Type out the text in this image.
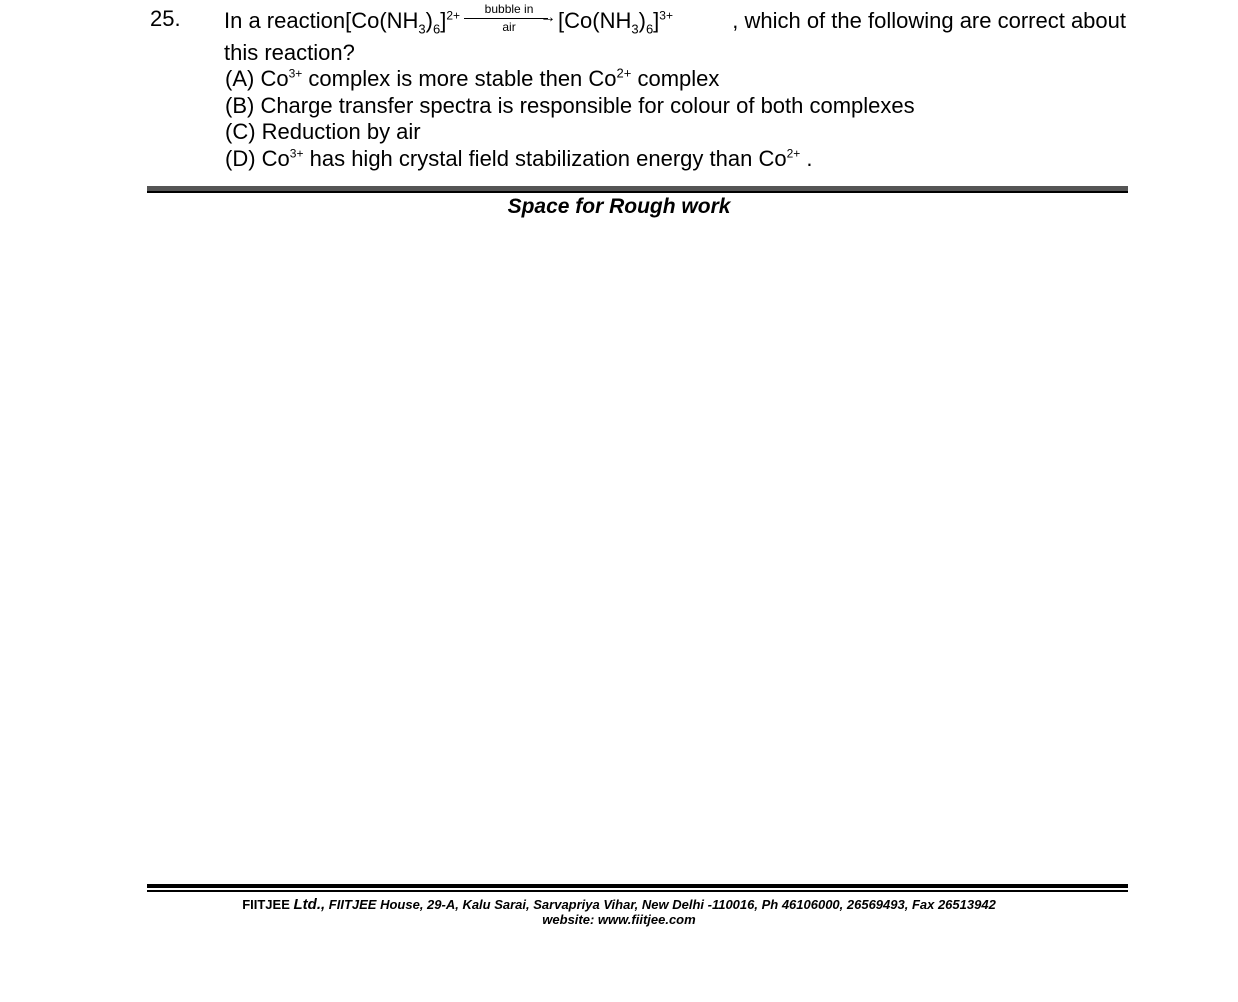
25. In a $reaction[Co(NH_3)_6]^{2+}$	bubble in →
air	$[Co(NH_3)_6]^{3+}$	, which of the following are correct about
this reaction?
(A) $Co^{3+}$ complex is more stable then $Co^{2+}$ complex
(B) Charge transfer spectra is responsible for colour of both complexes
(C) Reduction by air
(D) $Co^{3+}$ has high crystal field stabilization energy than $Co^{2+}$ .
Space for Rough work
FIITJEE Ltd., FIITJEE House, 29-A, Kalu Sarai, Sarvapriya Vihar, New Delhi -110016, Ph 46106000, 26569493, Fax 26513942
website: www.fiitjee.com
